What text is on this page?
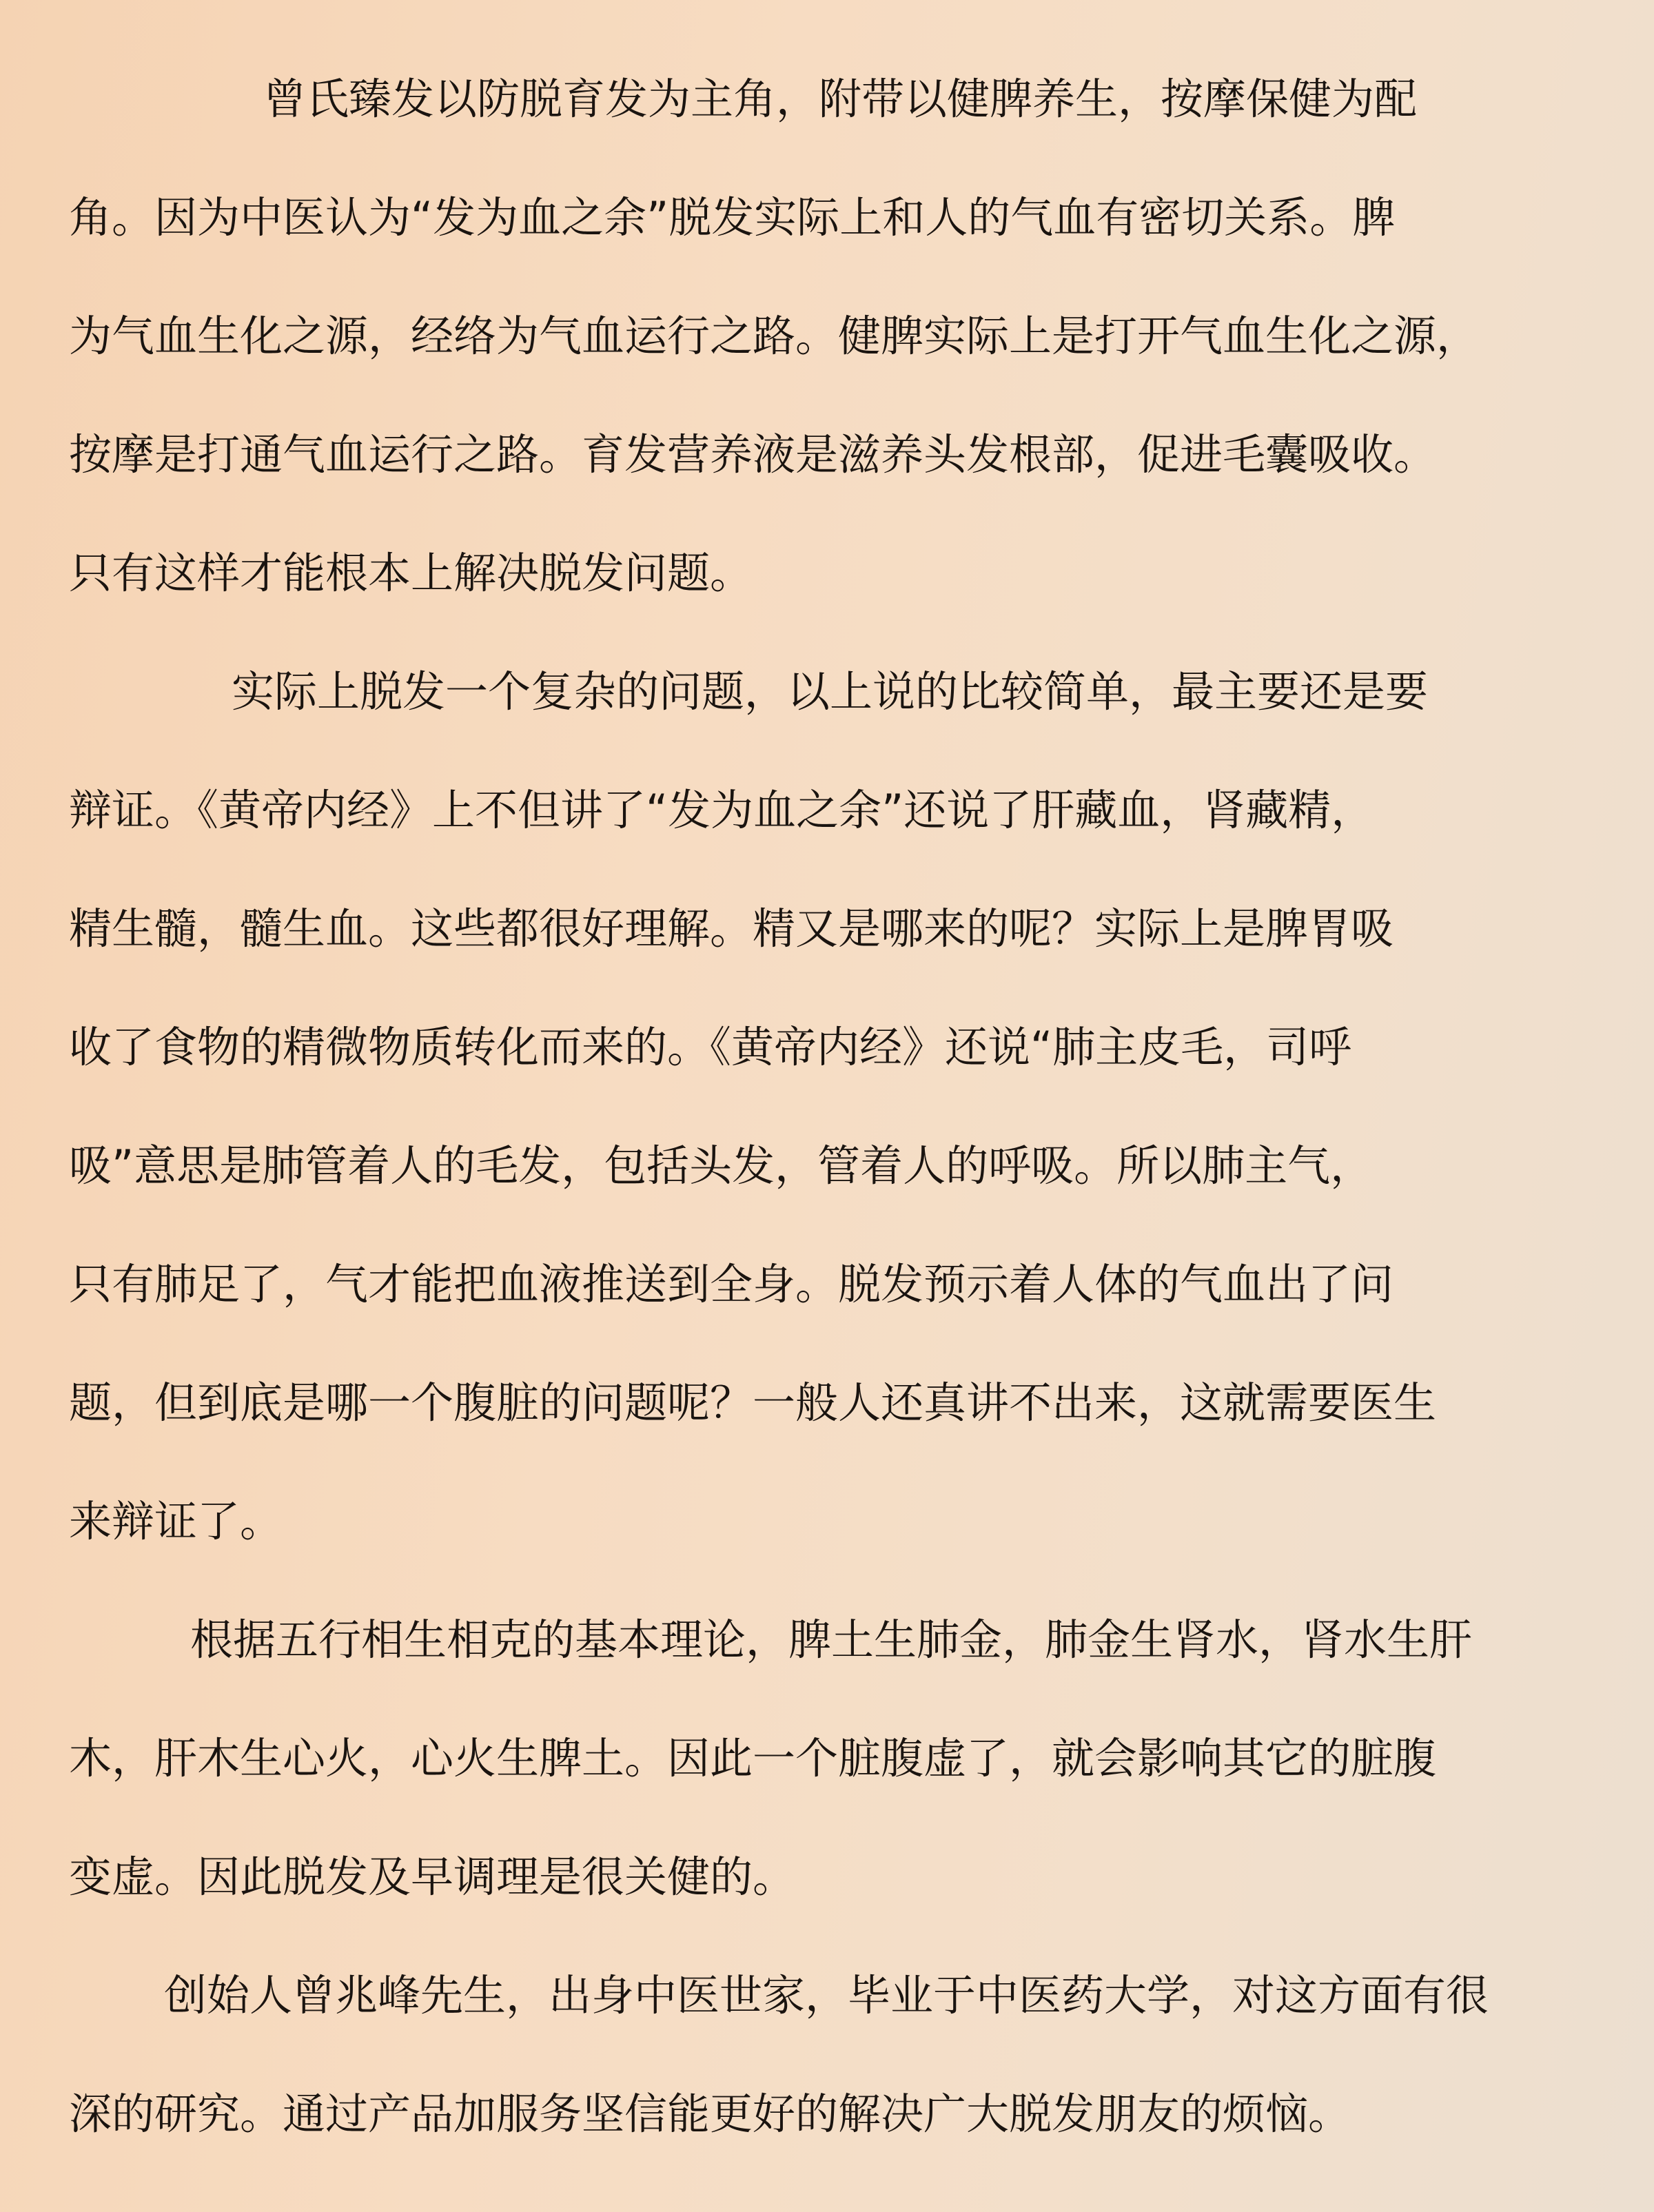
曾氏臻发以防脱育发为主角，附带以健脾养生，按摩保健为配
角。因为中医认为“发为血之余”脱发实际上和人的气血有密切关系。脾
为气血生化之源，经络为气血运行之路。健脾实际上是打开气血生化之源，
按摩是打通气血运行之路。育发营养液是滋养头发根部，促进毛囊吸收。
只有这样才能根本上解决脱发问题。
实际上脱发一个复杂的问题，以上说的比较简单，最主要还是要
辩证。《黄帝内经》上不但讲了“发为血之余”还说了肝藏血，肾藏精，
精生髓，髓生血。这些都很好理解。精又是哪来的呢？实际上是脾胃吸
收了食物的精微物质转化而来的。《黄帝内经》还说“肺主皮毛，司呼
吸”意思是肺管着人的毛发，包括头发，管着人的呼吸。所以肺主气，
只有肺足了，气才能把血液推送到全身。脱发预示着人体的气血出了问
题，但到底是哪一个腹脏的问题呢？一般人还真讲不出来，这就需要医生
来辩证了。
根据五行相生相克的基本理论，脾土生肺金，肺金生肾水，肾水生肝
木，肝木生心火，心火生脾土。因此一个脏腹虚了，就会影响其它的脏腹
变虚。因此脱发及早调理是很关健的。
创始人曾兆峰先生，出身中医世家，毕业于中医药大学，对这方面有很
深的研究。通过产品加服务坚信能更好的解决广大脱发朋友的烦恼。
